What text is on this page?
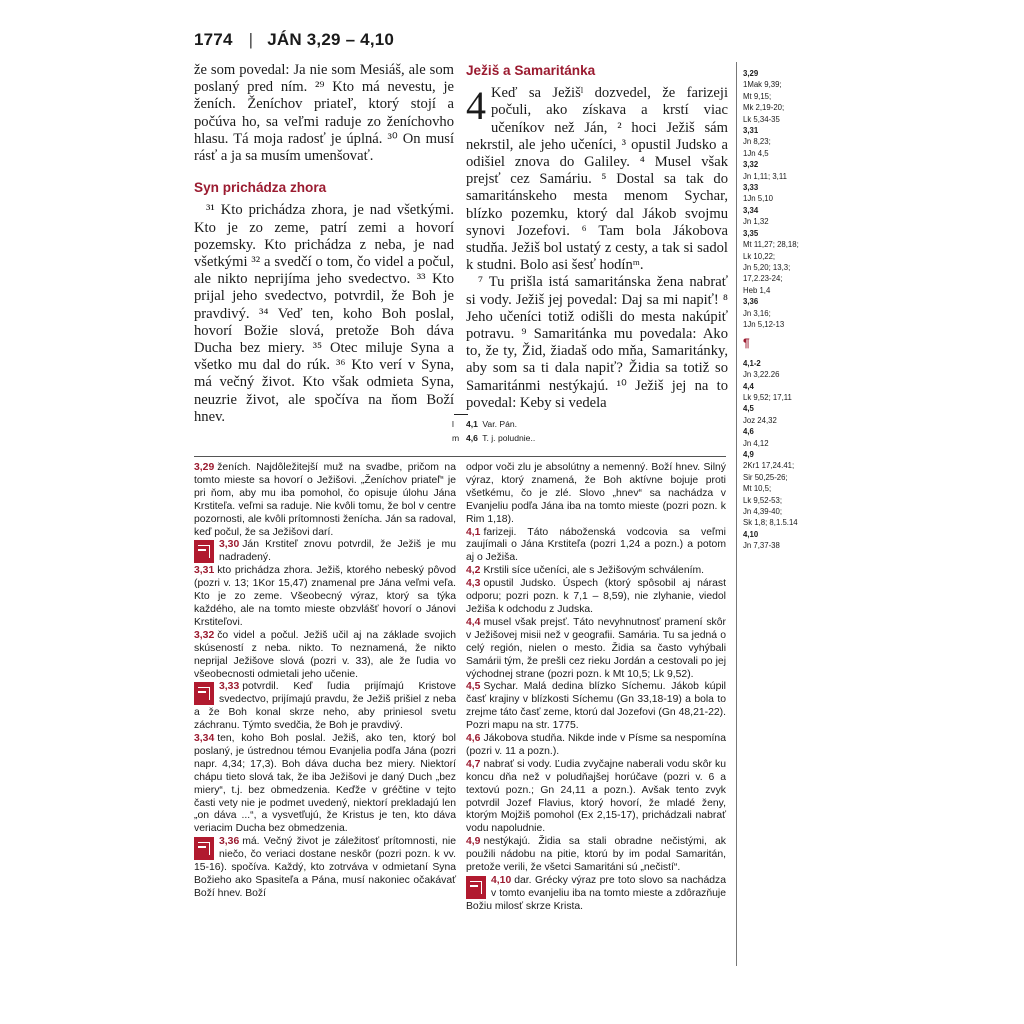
1774 | JÁN 3,29 – 4,10

že som povedal: Ja nie som Mesiáš, ale som poslaný pred ním. ²⁹ Kto má nevestu, je ženích. Ženíchov priateľ, ktorý stojí a počúva ho, sa veľmi raduje zo ženíchovho hlasu. Tá moja radosť je úplná. ³⁰ On musí rásť a ja sa musím umenšovať.

Syn prichádza zhora

³¹ Kto prichádza zhora, je nad všetkými. Kto je zo zeme, patrí zemi a hovorí pozemsky. Kto prichádza z neba, je nad všetkými ³² a svedčí o tom, čo videl a počul, ale nikto neprijíma jeho svedectvo. ³³ Kto prijal jeho svedectvo, potvrdil, že Boh je pravdivý. ³⁴ Veď ten, koho Boh poslal, hovorí Božie slová, pretože Boh dáva Ducha bez miery. ³⁵ Otec miluje Syna a všetko mu dal do rúk. ³⁶ Kto verí v Syna, má večný život. Kto však odmieta Syna, neuzrie život, ale spočíva na ňom Boží hnev.

Ježiš a Samaritánka
4 Keď sa Ježišˡ dozvedel, že farizeji počuli, ako získava a krstí viac učeníkov než Ján, ² hoci Ježiš sám nekrstil, ale jeho učeníci, ³ opustil Judsko a odišiel znova do Galiley. ⁴ Musel však prejsť cez Samáriu. ⁵ Dostal sa tak do samaritánskeho mesta menom Sychar, blízko pozemku, ktorý dal Jákob svojmu synovi Jozefovi. ⁶ Tam bola Jákobova studňa. Ježiš bol ustatý z cesty, a tak si sadol k studni. Bolo asi šesť hodínᵐ.

⁷ Tu prišla istá samaritánska žena nabrať si vody. Ježiš jej povedal: Daj sa mi napiť! ⁸ Jeho učeníci totiž odišli do mesta nakúpiť potravu. ⁹ Samaritánka mu povedala: Ako to, že ty, Žid, žiadaš odo mňa, Samaritánky, aby som sa ti dala napiť? Židia sa totiž so Samaritánmi nestýkajú. ¹⁰ Ježiš jej na to povedal: Keby si vedela

l 4,1 Var. Pán.
m 4,6 T. j. poludnie..
3,29
1Mak 9,39;
Mt 9,15;
Mk 2,19-20;
Lk 5,34-35
3,31
Jn 8,23;
1Jn 4,5
3,32
Jn 1,11; 3,11
3,33
1Jn 5,10
3,34
Jn 1,32
3,35
Mt 11,27; 28,18;
Lk 10,22;
Jn 5,20; 13,3;
17,2.23-24;
Heb 1,4
3,36
Jn 3,16;
1Jn 5,12-13
¶
4,1-2
Jn 3,22.26
4,4
Lk 9,52; 17,11
4,5
Joz 24,32
4,6
Jn 4,12
4,9
2Kr1 17,24.41;
Sir 50,25-26;
Mt 10,5;
Lk 9,52-53;
Jn 4,39-40;
Sk 1,8; 8,1.5.14
4,10
Jn 7,37-38

3,29 ženích. Najdôležitejší muž na svadbe, pričom na tomto mieste sa hovorí o Ježišovi. „Ženíchov priateľ“ je pri ňom, aby mu iba pomohol, čo opisuje úlohu Jána Krstiteľa. veľmi sa raduje. Nie kvôli tomu, že bol v centre pozornosti, ale kvôli prítomnosti ženícha. Ján sa radoval, keď počul, že sa Ježišovi darí.

3,30 Ján Krstiteľ znovu potvrdil, že Ježiš je mu nadradený.

3,31 kto prichádza zhora. Ježiš, ktorého nebeský pôvod (pozri v. 13; 1Kor 15,47) znamenal pre Jána veľmi veľa. Kto je zo zeme. Všeobecný výraz, ktorý sa týka každého, ale na tomto mieste obzvlášť hovorí o Jánovi Krstiteľovi.

3,32 čo videl a počul. Ježiš učil aj na základe svojich skúseností z neba. nikto. To neznamená, že nikto neprijal Ježišove slová (pozri v. 33), ale že ľudia vo všeobecnosti odmietali jeho učenie.

3,33 potvrdil. Keď ľudia prijímajú Kristove svedectvo, prijímajú pravdu, že Ježiš prišiel z neba a že Boh konal skrze neho, aby priniesol svetu záchranu. Týmto svedčia, že Boh je pravdivý.

3,34 ten, koho Boh poslal. Ježiš, ako ten, ktorý bol poslaný, je ústrednou témou Evanjelia podľa Jána (pozri napr. 4,34; 17,3). Boh dáva ducha bez miery. Niektorí chápu tieto slová tak, že iba Ježišovi je daný Duch „bez miery“, t.j. bez obmedzenia. Keďže v gréčtine v tejto časti vety nie je podmet uvedený, niektorí prekladajú len „on dáva ...“, a vysvetľujú, že Kristus je ten, kto dáva veriacim Ducha bez obmedzenia.

3,36 má. Večný život je záležitosť prítomnosti, nie niečo, čo veriaci dostane neskôr (pozri pozn. k vv. 15-16). spočíva. Každý, kto zotrváva v odmietaní Syna Božieho ako Spasiteľa a Pána, musí nakoniec očakávať Boží hnev. Boží

odpor voči zlu je absolútny a nemenný. Boží hnev. Silný výraz, ktorý znamená, že Boh aktívne bojuje proti všetkému, čo je zlé. Slovo „hnev“ sa nachádza v Evanjeliu podľa Jána iba na tomto mieste (pozri pozn. k Rim 1,18).

4,1 farizeji. Táto náboženská vodcovia sa veľmi zaujímali o Jána Krstiteľa (pozri 1,24 a pozn.) a potom aj o Ježiša.

4,2 Krstili síce učeníci, ale s Ježišovým schválením.

4,3 opustil Judsko. Úspech (ktorý spôsobil aj nárast odporu; pozri pozn. k 7,1 – 8,59), nie zlyhanie, viedol Ježiša k odchodu z Judska.

4,4 musel však prejsť. Táto nevyhnutnosť pramení skôr v Ježišovej misii než v geografii. Samária. Tu sa jedná o celý región, nielen o mesto. Židia sa často vyhýbali Samárii tým, že prešli cez rieku Jordán a cestovali po jej východnej strane (pozri pozn. k Mt 10,5; Lk 9,52).

4,5 Sychar. Malá dedina blízko Síchemu. Jákob kúpil časť krajiny v blízkosti Síchemu (Gn 33,18-19) a bola to zrejme táto časť zeme, ktorú dal Jozefovi (Gn 48,21-22). Pozri mapu na str. 1775.

4,6 Jákobova studňa. Nikde inde v Písme sa nespomína (pozri v. 11 a pozn.).

4,7 nabrať si vody. Ľudia zvyčajne naberali vodu skôr ku koncu dňa než v poludňajšej horúčave (pozri v. 6 a textovú pozn.; Gn 24,11 a pozn.). Avšak tento zvyk potvrdil Jozef Flavius, ktorý hovorí, že mladé ženy, ktorým Mojžiš pomohol (Ex 2,15-17), prichádzali nabrať vodu napoludnie.

4,9 nestýkajú. Židia sa stali obradne nečistými, ak použili nádobu na pitie, ktorú by im podal Samaritán, pretože verili, že všetci Samaritáni sú „nečistí“.

4,10 dar. Grécky výraz pre toto slovo sa nachádza v tomto evanjeliu iba na tomto mieste a zdôrazňuje Božiu milosť skrze Krista.
